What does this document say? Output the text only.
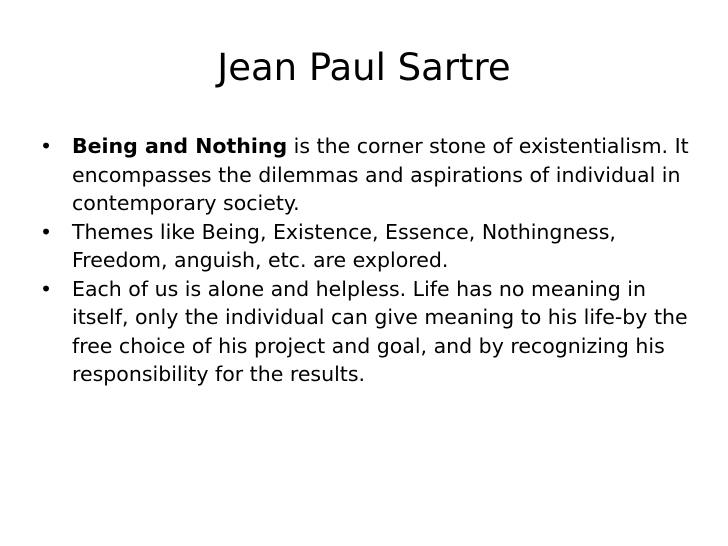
Jean Paul Sartre
• Being and Nothing is the corner stone of existentialism. It encompasses the dilemmas and aspirations of individual in contemporary society.
• Themes like Being, Existence, Essence, Nothingness, Freedom, anguish, etc. are explored.
• Each of us is alone and helpless. Life has no meaning in itself, only the individual can give meaning to his life-by the free choice of his project and goal, and by recognizing his responsibility for the results.
